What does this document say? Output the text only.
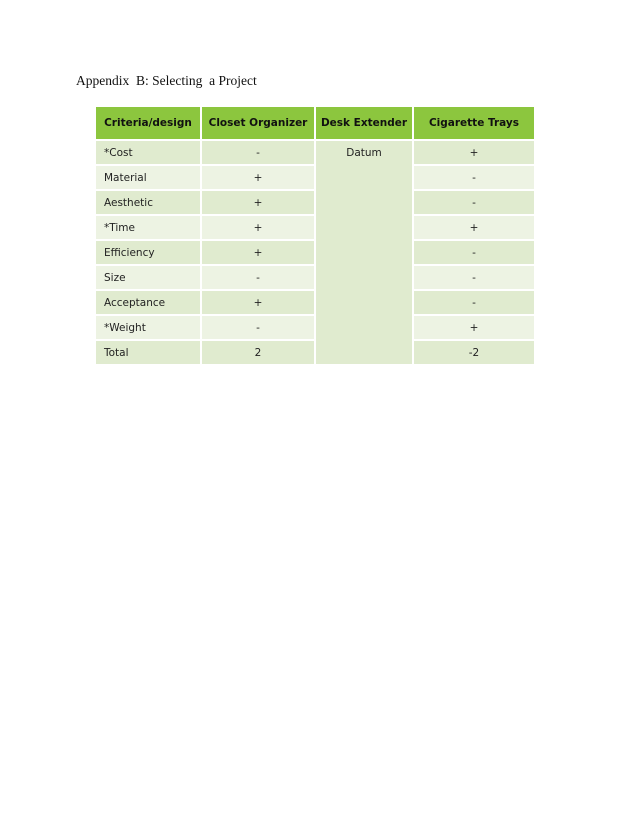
Appendix  B: Selecting  a Project
Criteria/design	Closet Organizer	Desk Extender	Cigarette Trays

*Cost	-	Datum	+
Material	+		-
Aesthetic	+		-
*Time	+		+
Efficiency	+		-
Size	-		-
Acceptance	+		-
*Weight	-		+
Total	2		-2
